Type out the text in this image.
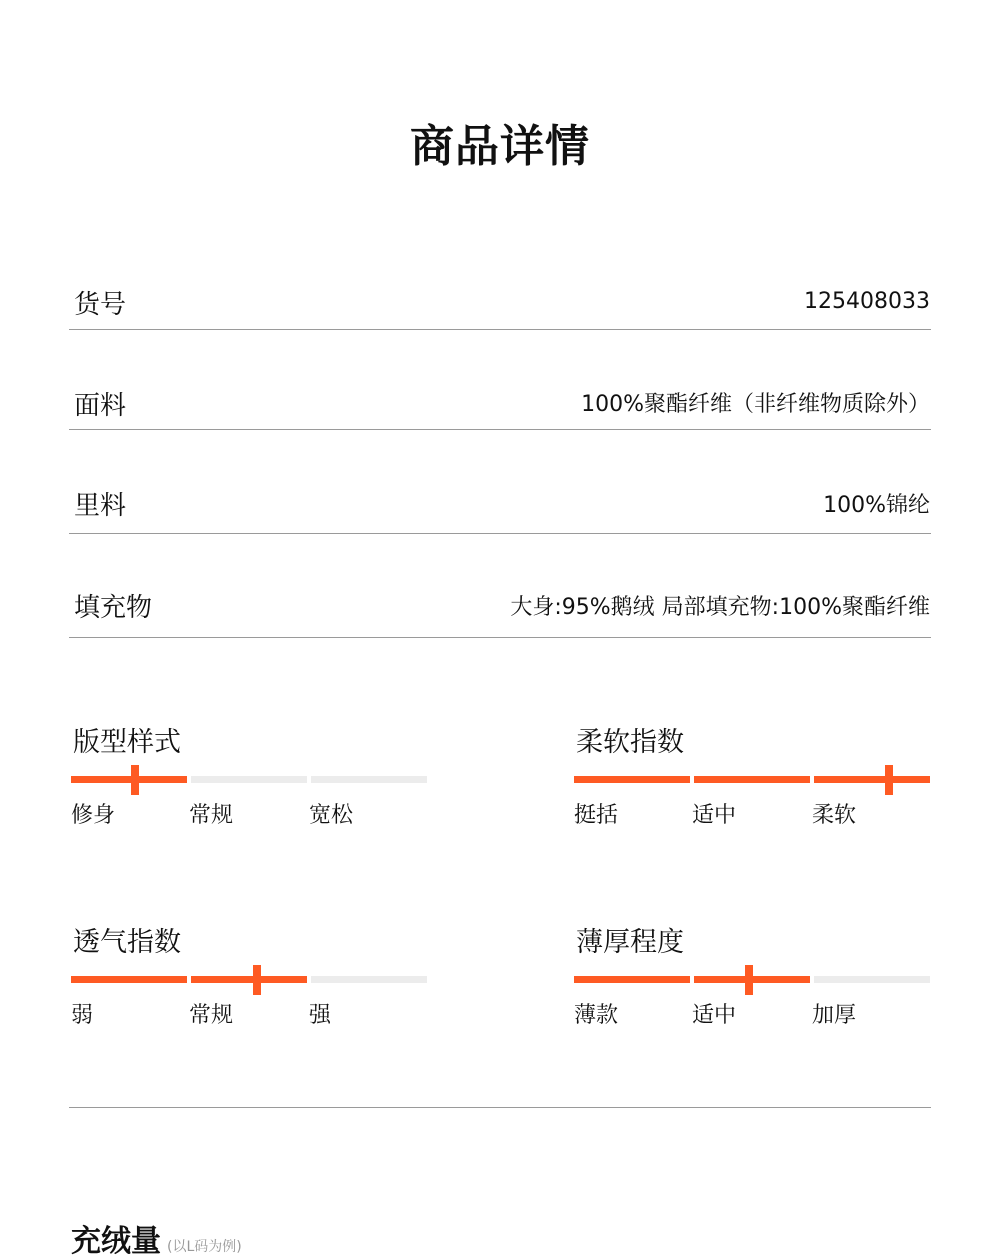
商品详情
货号	125408033
面料	100%聚酯纤维（非纤维物质除外）
里料	100%锦纶
填充物	大身:95%鹅绒 局部填充物:100%聚酯纤维
版型样式
修身	常规	宽松
柔软指数
挺括	适中	柔软
透气指数
弱	常规	强
薄厚程度
薄款	适中	加厚
充绒量 (以L码为例)
